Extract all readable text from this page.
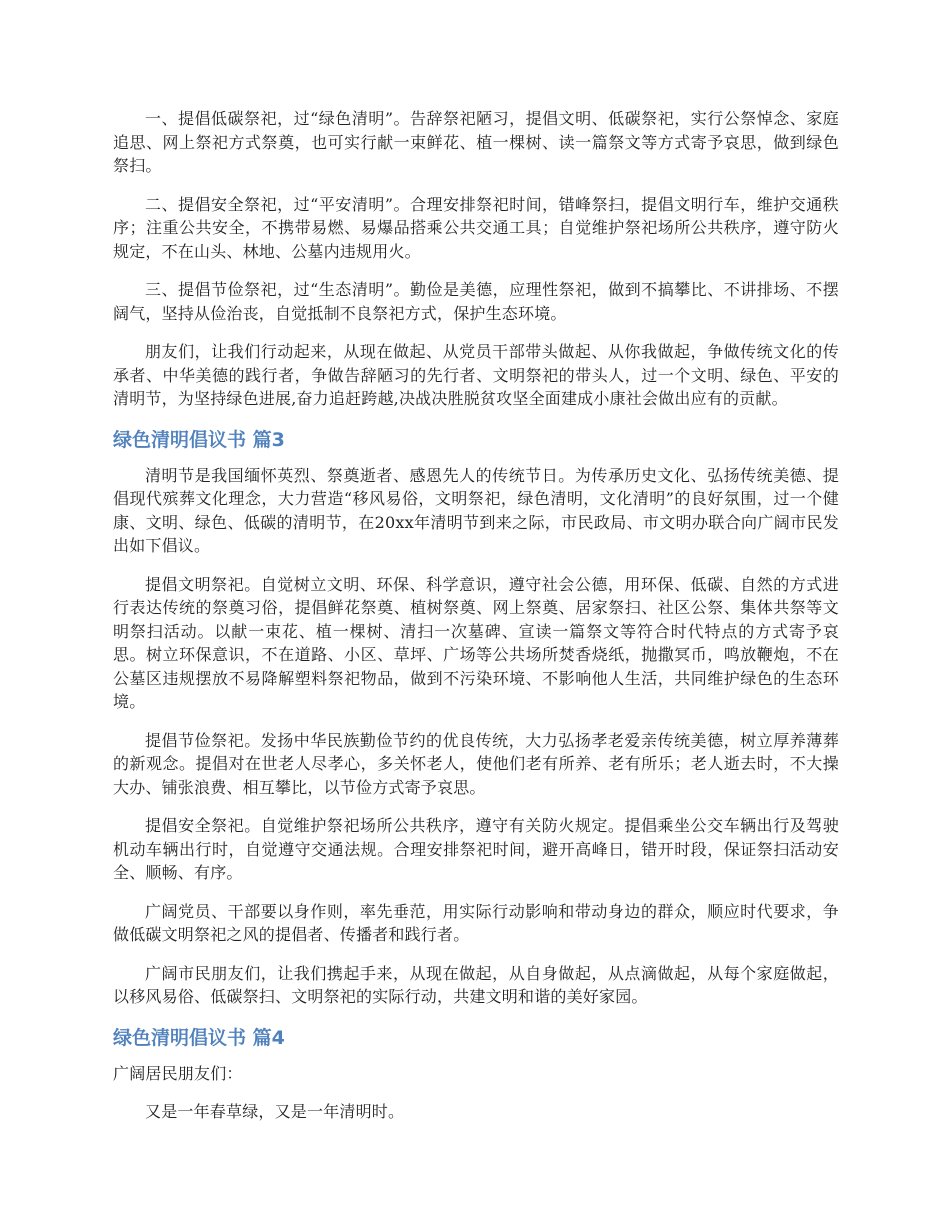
一、提倡低碳祭祀，过“绿色清明”。告辞祭祀陋习，提倡文明、低碳祭祀，实行公祭悼念、家庭追思、网上祭祀方式祭奠，也可实行献一束鲜花、植一棵树、读一篇祭文等方式寄予哀思，做到绿色祭扫。

二、提倡安全祭祀，过“平安清明”。合理安排祭祀时间，错峰祭扫，提倡文明行车，维护交通秩序；注重公共安全，不携带易燃、易爆品搭乘公共交通工具；自觉维护祭祀场所公共秩序，遵守防火规定，不在山头、林地、公墓内违规用火。

三、提倡节俭祭祀，过“生态清明”。勤俭是美德，应理性祭祀，做到不搞攀比、不讲排场、不摆阔气，坚持从俭治丧，自觉抵制不良祭祀方式，保护生态环境。

朋友们，让我们行动起来，从现在做起、从党员干部带头做起、从你我做起，争做传统文化的传承者、中华美德的践行者，争做告辞陋习的先行者、文明祭祀的带头人，过一个文明、绿色、平安的清明节，为坚持绿色进展,奋力追赶跨越,决战决胜脱贫攻坚全面建成小康社会做出应有的贡献。

绿色清明倡议书 篇3

清明节是我国缅怀英烈、祭奠逝者、感恩先人的传统节日。为传承历史文化、弘扬传统美德、提倡现代殡葬文化理念，大力营造“移风易俗，文明祭祀，绿色清明，文化清明”的良好氛围，过一个健康、文明、绿色、低碳的清明节，在20xx年清明节到来之际，市民政局、市文明办联合向广阔市民发出如下倡议。

提倡文明祭祀。自觉树立文明、环保、科学意识，遵守社会公德，用环保、低碳、自然的方式进行表达传统的祭奠习俗，提倡鲜花祭奠、植树祭奠、网上祭奠、居家祭扫、社区公祭、集体共祭等文明祭扫活动。以献一束花、植一棵树、清扫一次墓碑、宣读一篇祭文等符合时代特点的方式寄予哀思。树立环保意识，不在道路、小区、草坪、广场等公共场所焚香烧纸，抛撒冥币，鸣放鞭炮，不在公墓区违规摆放不易降解塑料祭祀物品，做到不污染环境、不影响他人生活，共同维护绿色的生态环境。

提倡节俭祭祀。发扬中华民族勤俭节约的优良传统，大力弘扬孝老爱亲传统美德，树立厚养薄葬的新观念。提倡对在世老人尽孝心，多关怀老人，使他们老有所养、老有所乐；老人逝去时，不大操大办、铺张浪费、相互攀比，以节俭方式寄予哀思。

提倡安全祭祀。自觉维护祭祀场所公共秩序，遵守有关防火规定。提倡乘坐公交车辆出行及驾驶机动车辆出行时，自觉遵守交通法规。合理安排祭祀时间，避开高峰日，错开时段，保证祭扫活动安全、顺畅、有序。

广阔党员、干部要以身作则，率先垂范，用实际行动影响和带动身边的群众，顺应时代要求，争做低碳文明祭祀之风的提倡者、传播者和践行者。

广阔市民朋友们，让我们携起手来，从现在做起，从自身做起，从点滴做起，从每个家庭做起，以移风易俗、低碳祭扫、文明祭祀的实际行动，共建文明和谐的美好家园。

绿色清明倡议书 篇4

广阔居民朋友们：

又是一年春草绿，又是一年清明时。
